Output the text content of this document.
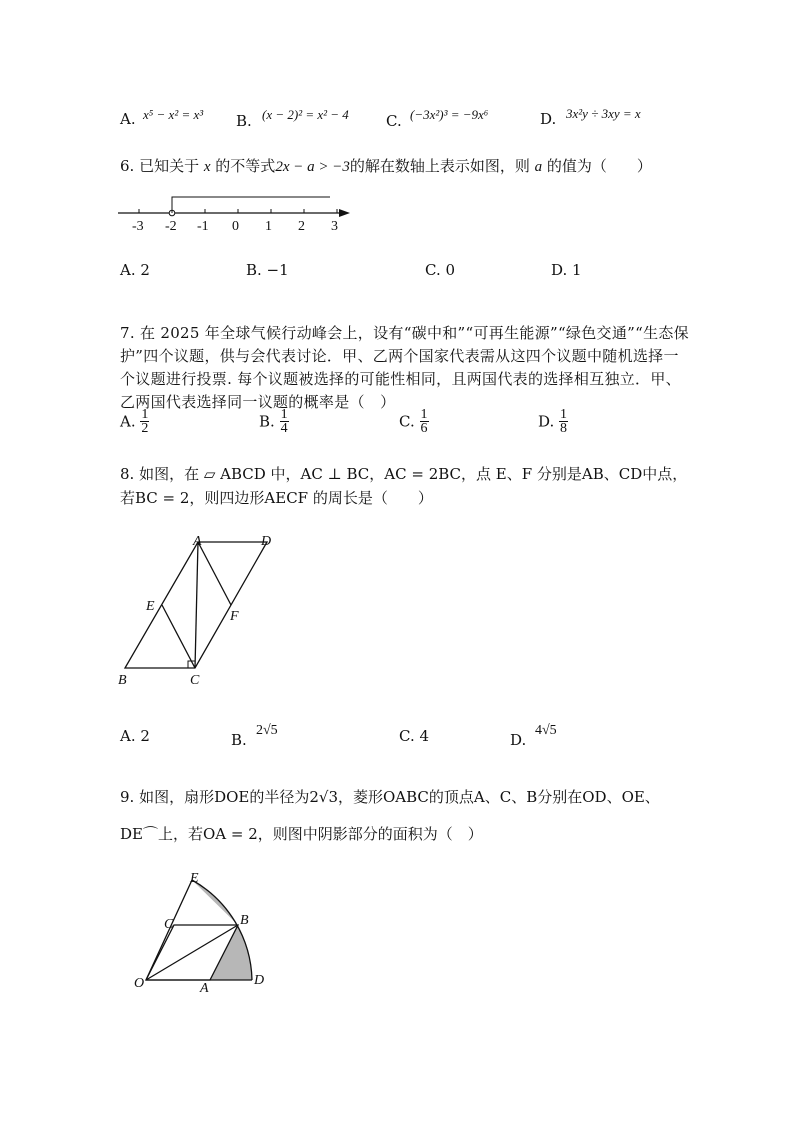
A. x⁵ − x² = x³ B. (x − 2)² = x² − 4 C. (−3x²)³ = −9x⁶	D. 3x²y ÷ 3xy = x
6. 已知关于 x 的不等式2x − a > −3的解在数轴上表示如图，则 a 的值为（　　）
-3 -2 -1 0 1 2 3
A. 2	B. −1	C. 0	D. 1
7. 在 2025 年全球气候行动峰会上，设有“碳中和”“可再生能源”“绿色交通”“生态保护”四个议题，供与会代表讨论．甲、乙两个国家代表需从这四个议题中随机选择一个议题进行投票. 每个议题被选择的可能性相同，且两国代表的选择相互独立．甲、乙两国代表选择同一议题的概率是（　）
A. $\frac{1}{2}$	B. $\frac{1}{4}$	C. $\frac{1}{6}$	D. $\frac{1}{8}$
8. 如图，在 ▱ ABCD 中，AC ⊥ BC，AC = 2BC，点 E、F 分别是AB、CD中点，
若BC = 2，则四边形AECF 的周长是（　　）
A	D
E
F
B	C
A. 2	B.
2√5	C. 4	D.
4√5
9. 如图，扇形DOE的半径为2√3，菱形OABC的顶点A、C、B分别在OD、OE、
DE⌒上，若OA = 2，则图中阴影部分的面积为（　）
E
C	B
O	A
D
